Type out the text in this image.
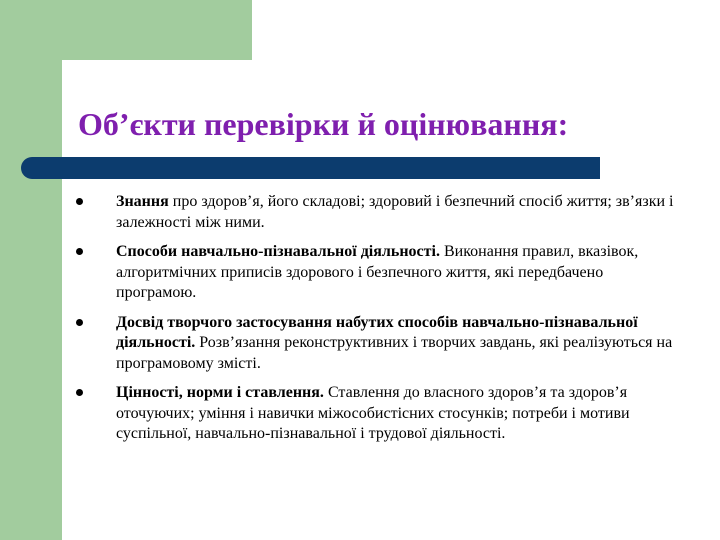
Об’єкти перевірки й оцінювання:
Знання про здоров’я, його складові; здоровий і безпечний спосіб життя; зв’язки і залежності між ними.
Способи навчально-пізнавальної діяльності. Виконання правил, вказівок, алгоритмічних приписів здорового і безпечного життя, які передбачено програмою.
Досвід творчого застосування набутих способів навчально-пізнавальної діяльності. Розв’язання реконструктивних і творчих завдань, які реалізуються на програмовому змісті.
Цінності, норми і ставлення. Ставлення до власного здоров’я та здоров’я оточуючих; уміння і навички міжособистісних стосунків; потреби і мотиви суспільної, навчально-пізнавальної і трудової діяльності.
